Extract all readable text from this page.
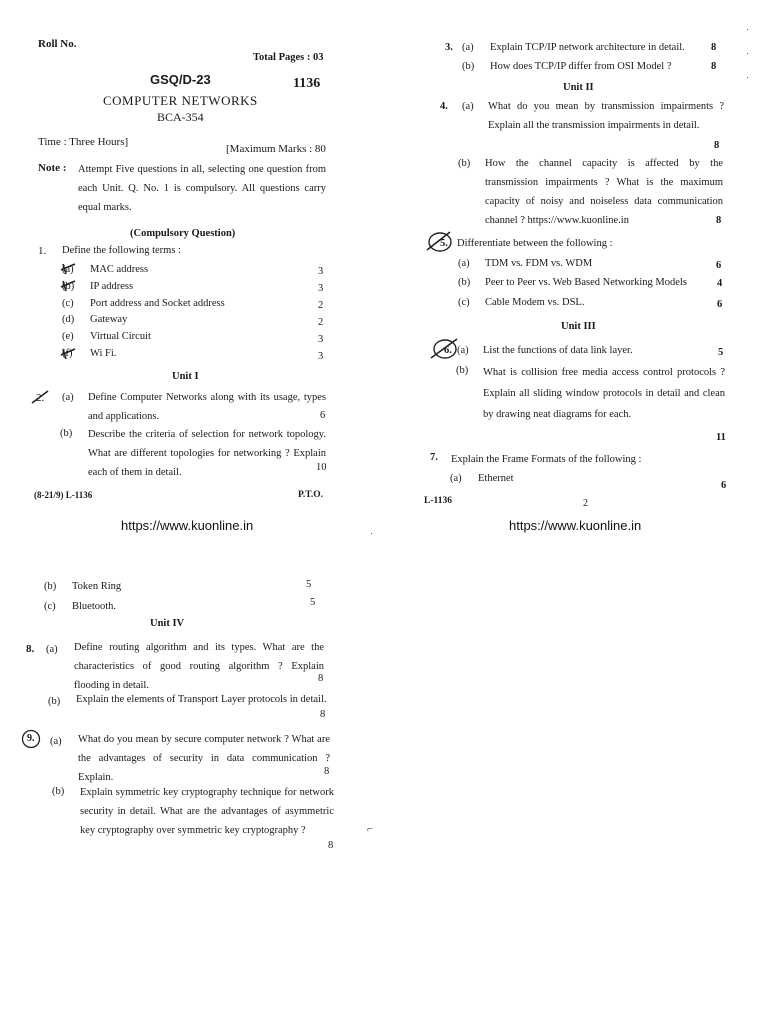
Roll No.
Total Pages : 03
GSQ/D-23	1136
COMPUTER NETWORKS
BCA-354
Time : Three Hours]
[Maximum Marks : 80
Note : Attempt Five questions in all, selecting one question from each Unit. Q. No. 1 is compulsory. All questions carry equal marks.
(Compulsory Question)
1. Define the following terms :
(a) MAC address	3
(b) IP address	3
(c) Port address and Socket address	2
(d) Gateway	2
(e) Virtual Circuit	3
(f) Wi Fi.	3
Unit I
2. (a) Define Computer Networks along with its usage, types and applications.	6
(b) Describe the criteria of selection for network topology. What are different topologies for networking ? Explain each of them in detail.	10
(8-21/9) L-1136	P.T.O.
https://www.kuonline.in
3. (a) Explain TCP/IP network architecture in detail. 8
(b) How does TCP/IP differ from OSI Model ?	8
Unit II
4. (a) What do you mean by transmission impairments ? Explain all the transmission impairments in detail.
8
(b) How the channel capacity is affected by the transmission impairments ? What is the maximum capacity of noisy and noiseless data communication channel ? https://www.kuonline.in	8
5. Differentiate between the following :
(a) TDM vs. FDM vs. WDM	6
(b) Peer to Peer vs. Web Based Networking Models	4
(c) Cable Modem vs. DSL.	6
Unit III
6. (a) List the functions of data link layer.	5
(b) What is collision free media access control protocols ? Explain all sliding window protocols in detail and clean by drawing neat diagrams for each.
11
7. Explain the Frame Formats of the following :
(a) Ethernet
6
L-1136	2
https://www.kuonline.in
·
·
·
(b) Token Ring	5
(c) Bluetooth.	5
Unit IV
8. (a) Define routing algorithm and its types. What are the characteristics of good routing algorithm ? Explain flooding in detail.
8
(b) Explain the elements of Transport Layer protocols in detail.
8
9. (a) What do you mean by secure computer network ? What are the advantages of security in data communication ? Explain.
8
(b) Explain symmetric key cryptography technique for network security in detail. What are the advantages of asymmetric key cryptography over symmetric key cryptography ?
8
⌐
·
